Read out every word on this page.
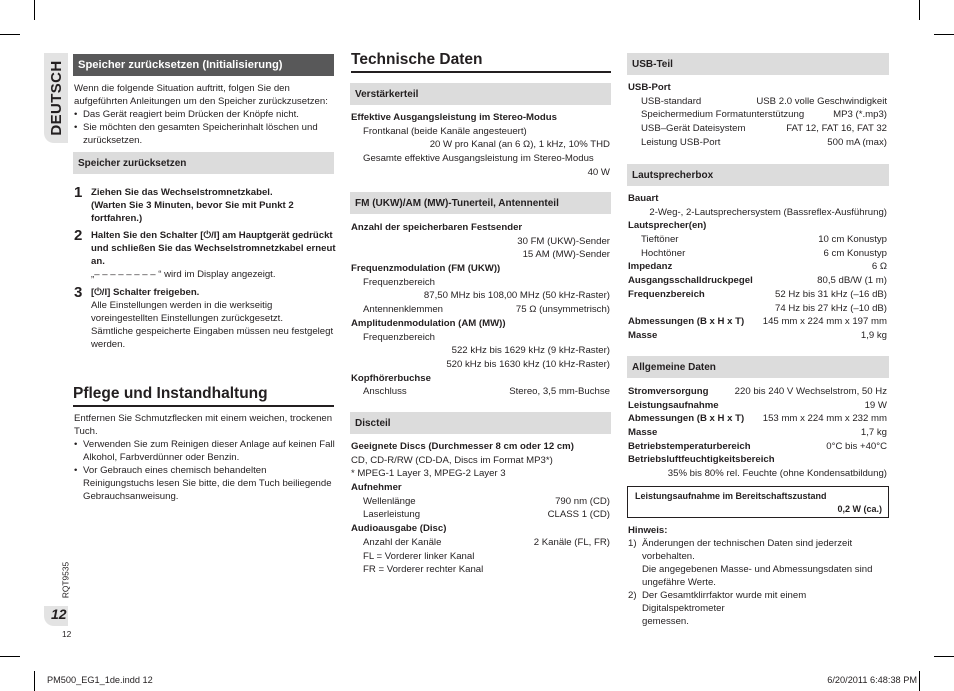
DEUTSCH	Speicher zurücksetzen (Initialisierung)

Wenn die folgende Situation auftritt, folgen Sie den

aufgeführten Anleitungen um den Speicher zurückzusetzen:

• Das Gerät reagiert beim Drücken der Knöpfe nicht.

• Sie möchten den gesamten Speicherinhalt löschen und zurücksetzen.

Speicher zurücksetzen
1 Ziehen Sie das Wechselstromnetzkabel.

(Warten Sie 3 Minuten, bevor Sie mit Punkt 2

fortfahren.)

2 Halten Sie den Schalter [⏻/I] am Hauptgerät gedrückt

und schließen Sie das Wechselstromnetzkabel erneut

an.

„– – – – – – – – “ wird im Display angezeigt.

3 [⏻/I] Schalter freigeben.

Alle Einstellungen werden in die werkseitig

voreingestellten Einstellungen zurückgesetzt.

Sämtliche gespeicherte Eingaben müssen neu festgelegt

werden.

Pflege und Instandhaltung

Entfernen Sie Schmutzflecken mit einem weichen, trockenen

Tuch.

• Verwenden Sie zum Reinigen dieser Anlage auf keinen Fall

Alkohol, Farbverdünner oder Benzin.

• Vor Gebrauch eines chemisch behandelten

Reinigungstuchs lesen Sie bitte, die dem Tuch beiliegende

Gebrauchsanweisung.

RQT9535
12
12
Technische Daten
Verstärkerteil
Effektive Ausgangsleistung im Stereo-Modus
Frontkanal (beide Kanäle angesteuert)
20 W pro Kanal (an 6 Ω), 1 kHz, 10% THD
Gesamte effektive Ausgangsleistung im Stereo-Modus
40 W
FM (UKW)/AM (MW)-Tunerteil, Antennenteil
Anzahl der speicherbaren Festsender
30 FM (UKW)-Sender
15 AM (MW)-Sender
Frequenzmodulation (FM (UKW))
Frequenzbereich
87,50 MHz bis 108,00 MHz (50 kHz-Raster)
Antennenklemmen	75 Ω (unsymmetrisch)
Amplitudenmodulation (AM (MW))
Frequenzbereich
522 kHz bis 1629 kHz (9 kHz-Raster)
520 kHz bis 1630 kHz (10 kHz-Raster)
Kopfhörerbuchse
Anschluss	Stereo, 3,5 mm-Buchse
Discteil
Geeignete Discs (Durchmesser 8 cm oder 12 cm)
CD, CD-R/RW (CD-DA, Discs im Format MP3*)
* MPEG-1 Layer 3, MPEG-2 Layer 3
Aufnehmer
Wellenlänge	790 nm (CD)
Laserleistung	CLASS 1 (CD)
Audioausgabe (Disc)
Anzahl der Kanäle	2 Kanäle (FL, FR)
FL = Vorderer linker Kanal
FR = Vorderer rechter Kanal
USB-Teil
USB-Port
USB-standard	USB 2.0 volle Geschwindigkeit
Speichermedium Formatunterstützung	MP3 (*.mp3)
USB–Gerät Dateisystem	FAT 12, FAT 16, FAT 32
Leistung USB-Port	500 mA (max)
Lautsprecherbox
Bauart
2-Weg-, 2-Lautsprechersystem (Bassreflex-Ausführung)
Lautsprecher(en)
Tieftöner	10 cm Konustyp
Hochtöner	6 cm Konustyp
Impedanz	6 Ω
Ausgangsschalldruckpegel	80,5 dB/W (1 m)
Frequenzbereich	52 Hz bis 31 kHz (–16 dB)
74 Hz bis 27 kHz (–10 dB)
Abmessungen (B x H x T) 145 mm x 224 mm x 197 mm
Masse	1,9 kg
Allgemeine Daten
Stromversorgung	220 bis 240 V Wechselstrom, 50 Hz
Leistungsaufnahme	19 W
Abmessungen (B x H x T) 153 mm x 224 mm x 232 mm
Masse	1,7 kg
Betriebstemperaturbereich	0°C bis +40°C
Betriebsluftfeuchtigkeitsbereich
35% bis 80% rel. Feuchte (ohne Kondensatbildung)
Leistungsaufnahme im Bereitschaftszustand
0,2 W (ca.)

Hinweis:

1) Änderungen der technischen Daten sind jederzeit

vorbehalten.

Die angegebenen Masse- und Abmessungsdaten sind

ungefähre Werte.

2) Der Gesamtklirrfaktor wurde mit einem Digitalspektrometer

gemessen.

PM500_EG1_1de.indd 12	6/20/2011 6:48:38 PM
